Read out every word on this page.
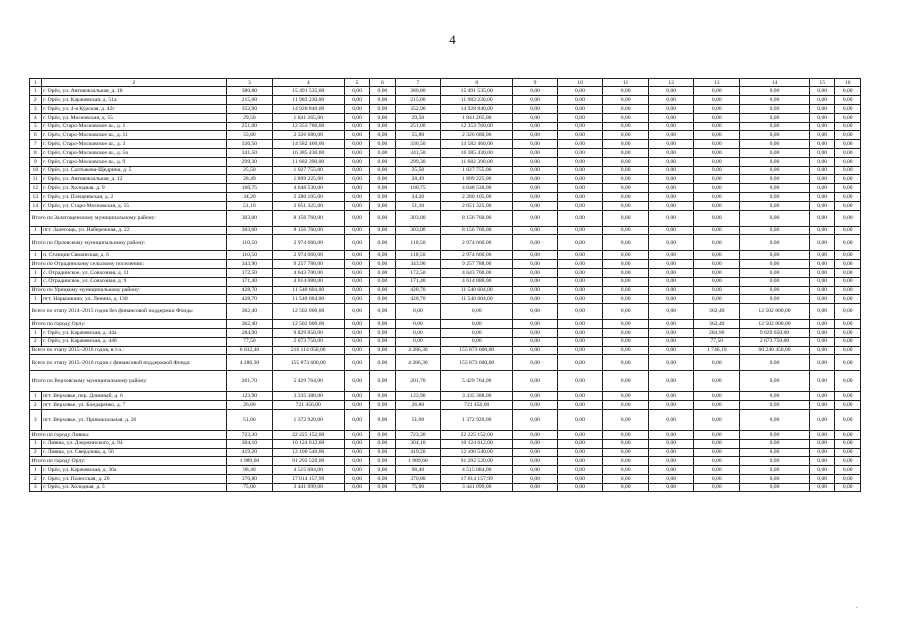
4
1	2	3	4	5	6	7	8	9	10	11	12	13	14	15	16
1	г. Орёл, ул. Автовокзальная, д. 18	380,80	15 491 535,00	0,00	0,00	380,80	15 491 535,00	0,00	0,00	0,00	0,00	0,00	0,00	0,00	0,00
2	г. Орёл, ул. Карачевская, д. 51а	215,00	11 983 230,00	0,00	0,00	215,00	11 983 230,00	0,00	0,00	0,00	0,00	0,00	0,00	0,00	0,00
3	г. Орёл, ул. 4-я Курская, д. 42г	352,90	14 928 840,00	0,00	0,00	352,90	14 928 840,00	0,00	0,00	0,00	0,00	0,00	0,00	0,00	0,00
4	г. Орёл, ул. Московская, д. 55	29,50	1 841 265,00	0,00	0,00	29,50	1 841 265,00	0,00	0,00	0,00	0,00	0,00	0,00	0,00	0,00
5	г. Орёл, Старо-Московское ш., д. 1	251,00	12 353 760,00	0,00	0,00	251,00	12 353 760,00	0,00	0,00	0,00	0,00	0,00	0,00	0,00	0,00
6	г. Орёл, Старо-Московское ш., д. 11	55,80	2 326 680,00	0,00	0,00	55,80	2 326 680,00	0,00	0,00	0,00	0,00	0,00	0,00	0,00	0,00
7	г. Орёл, Старо-Московское ш., д. 3	336,50	14 582 460,00	0,00	0,00	336,50	14 582 460,00	0,00	0,00	0,00	0,00	0,00	0,00	0,00	0,00
8	г. Орёл, Старо-Московское ш., д. 5а	341,50	16 385 430,00	0,00	0,00	341,50	16 385 430,00	0,00	0,00	0,00	0,00	0,00	0,00	0,00	0,00
9	г. Орёл, Старо-Московское ш., д. 9	299,30	11 682 390,00	0,00	0,00	299,30	11 682 390,00	0,00	0,00	0,00	0,00	0,00	0,00	0,00	0,00
10	г. Орёл, ул. Салтыкова-Щедрина, д. 5	25,50	1 027 755,00	0,00	0,00	25,50	1 027 755,00	0,00	0,00	0,00	0,00	0,00	0,00	0,00	0,00
11	г. Орёл, ул. Автовокзальная, д. 12	28,49	1 899 225,00	0,00	0,00	28,49	1 899 225,00	0,00	0,00	0,00	0,00	0,00	0,00	0,00	0,00
12	г. Орёл, ул. Холодная, д. 9	100,75	4 648 530,00	0,00	0,00	100,75	4 648 530,00	0,00	0,00	0,00	0,00	0,00	0,00	0,00	0,00
13	г. Орёл, ул. Плещеевская, д. 2	34,20	2 280 105,00	0,00	0,00	34,20	2 280 105,00	0,00	0,00	0,00	0,00	0,00	0,00	0,00	0,00
14	г. Орёл, ул. Старо-Московская, д. 55	51,10	2 651 325,00	0,00	0,00	51,10	2 651 325,00	0,00	0,00	0,00	0,00	0,00	0,00	0,00	0,00
Итого по Залегощенскому муниципальному району:		303,00	8 156 760,00	0,00	0,00	303,00	8 156 760,00	0,00	0,00	0,00	0,00	0,00	0,00	0,00	0,00
1	пгт. Залегощь, ул. Набережная, д. 22	303,00	8 156 760,00	0,00	0,00	303,00	8 156 760,00	0,00	0,00	0,00	0,00	0,00	0,00	0,00	0,00
Итого по Орловскому муниципальному району:		110,50	2 974 660,00	0,00	0,00	110,50	2 974 660,00	0,00	0,00	0,00	0,00	0,00	0,00	0,00	0,00
1	п. Станции Связанская, д. 6	110,50	2 974 660,00	0,00	0,00	110,50	2 974 660,00	0,00	0,00	0,00	0,00	0,00	0,00	0,00	0,00
Итого по Отрадинскому сельскому поселению:		343,90	9 257 788,00	0,00	0,00	343,90	9 257 788,00	0,00	0,00	0,00	0,00	0,00	0,00	0,00	0,00
1	с. Отрадинское, ул. Совхозная, д. 11	172,50	4 643 700,00	0,00	0,00	172,50	4 643 700,00	0,00	0,00	0,00	0,00	0,00	0,00	0,00	0,00
2	с. Отрадинское, ул. Совхозная, д. 9	171,40	4 614 088,00	0,00	0,00	171,40	4 614 088,00	0,00	0,00	0,00	0,00	0,00	0,00	0,00	0,00
Итого по Урицкому муниципальному району:		428,70	11 540 604,00	0,00	0,00	428,70	11 540 604,00	0,00	0,00	0,00	0,00	0,00	0,00	0,00	0,00
1	пгт. Нарышкино, ул. Ленина, д. 130	428,70	11 540 604,00	0,00	0,00	428,70	11 540 604,00	0,00	0,00	0,00	0,00	0,00	0,00	0,00	0,00
Всего по этапу 2014–2015 годов без финансовой поддержки Фонда:		362,40	12 502 800,00	0,00	0,00	0,00	0,00	0,00	0,00	0,00	0,00	362,40	12 502 800,00	0,00	0,00
Итого по городу Орлу:		362,40	12 502 800,00	0,00	0,00	0,00	0,00	0,00	0,00	0,00	0,00	362,40	12 502 800,00	0,00	0,00
1	г. Орёл, ул. Карачевская, д. 44а	284,90	9 829 050,00	0,00	0,00	0,00	0,00	0,00	0,00	0,00	0,00	284,90	9 829 050,00	0,00	0,00
2	г. Орёл, ул. Карачевская, д. 44б	77,50	2 673 750,00	0,00	0,00	0,00	0,00	0,00	0,00	0,00	0,00	77,50	2 673 750,00	0,00	0,00
Всего по этапу 2015–2016 годов, в т.ч.:		6 032,40	216 114 050,00	0,00	0,00	4 286,30	155 873 600,00	0,00	0,00	0,00	0,00	1 746,10	60 240 450,00	0,00	0,00
Всего по этапу 2015–2016 годов с финансовой поддержкой Фонда:		4 286,30	155 873 600,00	0,00	0,00	4 286,30	155 873 600,00	0,00	0,00	0,00	0,00	0,00	0,00	0,00	0,00
Итого по Верховскому муниципальному району:		201,70	5 429 764,00	0,00	0,00	201,70	5 429 764,00	0,00	0,00	0,00	0,00	0,00	0,00	0,00	0,00
1	пгт. Верховье, пер. Длинный, д. 6	123,90	3 335 388,00	0,00	0,00	123,90	3 335 388,00	0,00	0,00	0,00	0,00	0,00	0,00	0,00	0,00
2	пгт. Верховье, ул. Бондаренко, д. 7	26,80	721 456,00	0,00	0,00	26,80	721 456,00	0,00	0,00	0,00	0,00	0,00	0,00	0,00	0,00
3	пгт. Верховье, ул. Привокзальная, д. 26	51,00	1 372 920,00	0,00	0,00	51,00	1 372 920,00	0,00	0,00	0,00	0,00	0,00	0,00	0,00	0,00
Итого по городу Ливны:		723,30	22 225 152,00	0,00	0,00	723,30	22 225 152,00	0,00	0,00	0,00	0,00	0,00	0,00	0,00	0,00
1	г. Ливны, ул. Дзержинского, д. 94	304,10	10 124 612,00	0,00	0,00	304,10	10 124 612,00	0,00	0,00	0,00	0,00	0,00	0,00	0,00	0,00
2	г. Ливны, ул. Свердлова, д. 56	419,20	12 100 540,00	0,00	0,00	419,20	12 100 540,00	0,00	0,00	0,00	0,00	0,00	0,00	0,00	0,00
Итого по городу Орлу:		1 989,60	91 292 520,00	0,00	0,00	1 989,60	91 292 520,00	0,00	0,00	0,00	0,00	0,00	0,00	0,00	0,00
1	г. Орёл, ул. Карачевская, д. 36а	98,40	4 515 084,00	0,00	0,00	98,40	4 515 084,00	0,00	0,00	0,00	0,00	0,00	0,00	0,00	0,00
2	г. Орёл, ул. Полесская, д. 20	370,80	17 014 157,99	0,00	0,00	370,80	17 014 157,99	0,00	0,00	0,00	0,00	0,00	0,00	0,00	0,00
3	г. Орёл, ул. Холодная, д. 5	75,00	3 441 099,00	0,00	0,00	75,00	3 441 099,00	0,00	0,00	0,00	0,00	0,00	0,00	0,00	0,00
.
